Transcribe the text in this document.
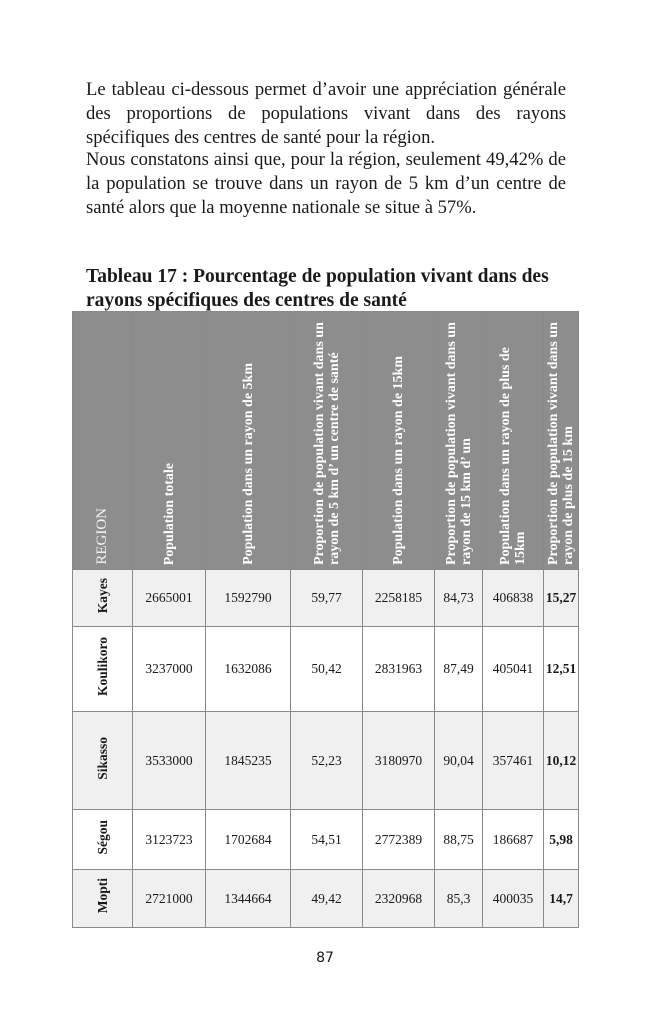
Le tableau ci-dessous permet d’avoir une appréciation générale des proportions de populations vivant dans des rayons spécifiques des centres de santé pour la région.

Nous constatons ainsi que, pour la région, seulement 49,42% de la population se trouve dans un rayon de 5 km d’un centre de santé alors que la moyenne nationale se situe à 57%.

Tableau 17 : Pourcentage de population vivant dans des rayons spécifiques des centres de santé

REGION	Population totale	Population dans un rayon de 5km	Proportion de population vivant dans un rayon de 5 km d’ un centre de santé	Population dans un rayon de 15km	Proportion de population vivant dans un rayon de 15 km d’ un	Population dans un rayon de plus de 15km	Proportion de population vivant dans un rayon de plus de 15 km

Kayes	2665001	1592790	59,77	2258185	84,73	406838	15,27

Koulikoro	3237000	1632086	50,42	2831963	87,49	405041	12,51

Sikasso	3533000	1845235	52,23	3180970	90,04	357461	10,12

Ségou	3123723	1702684	54,51	2772389	88,75	186687	5,98

Mopti	2721000	1344664	49,42	2320968	85,3	400035	14,7
87
